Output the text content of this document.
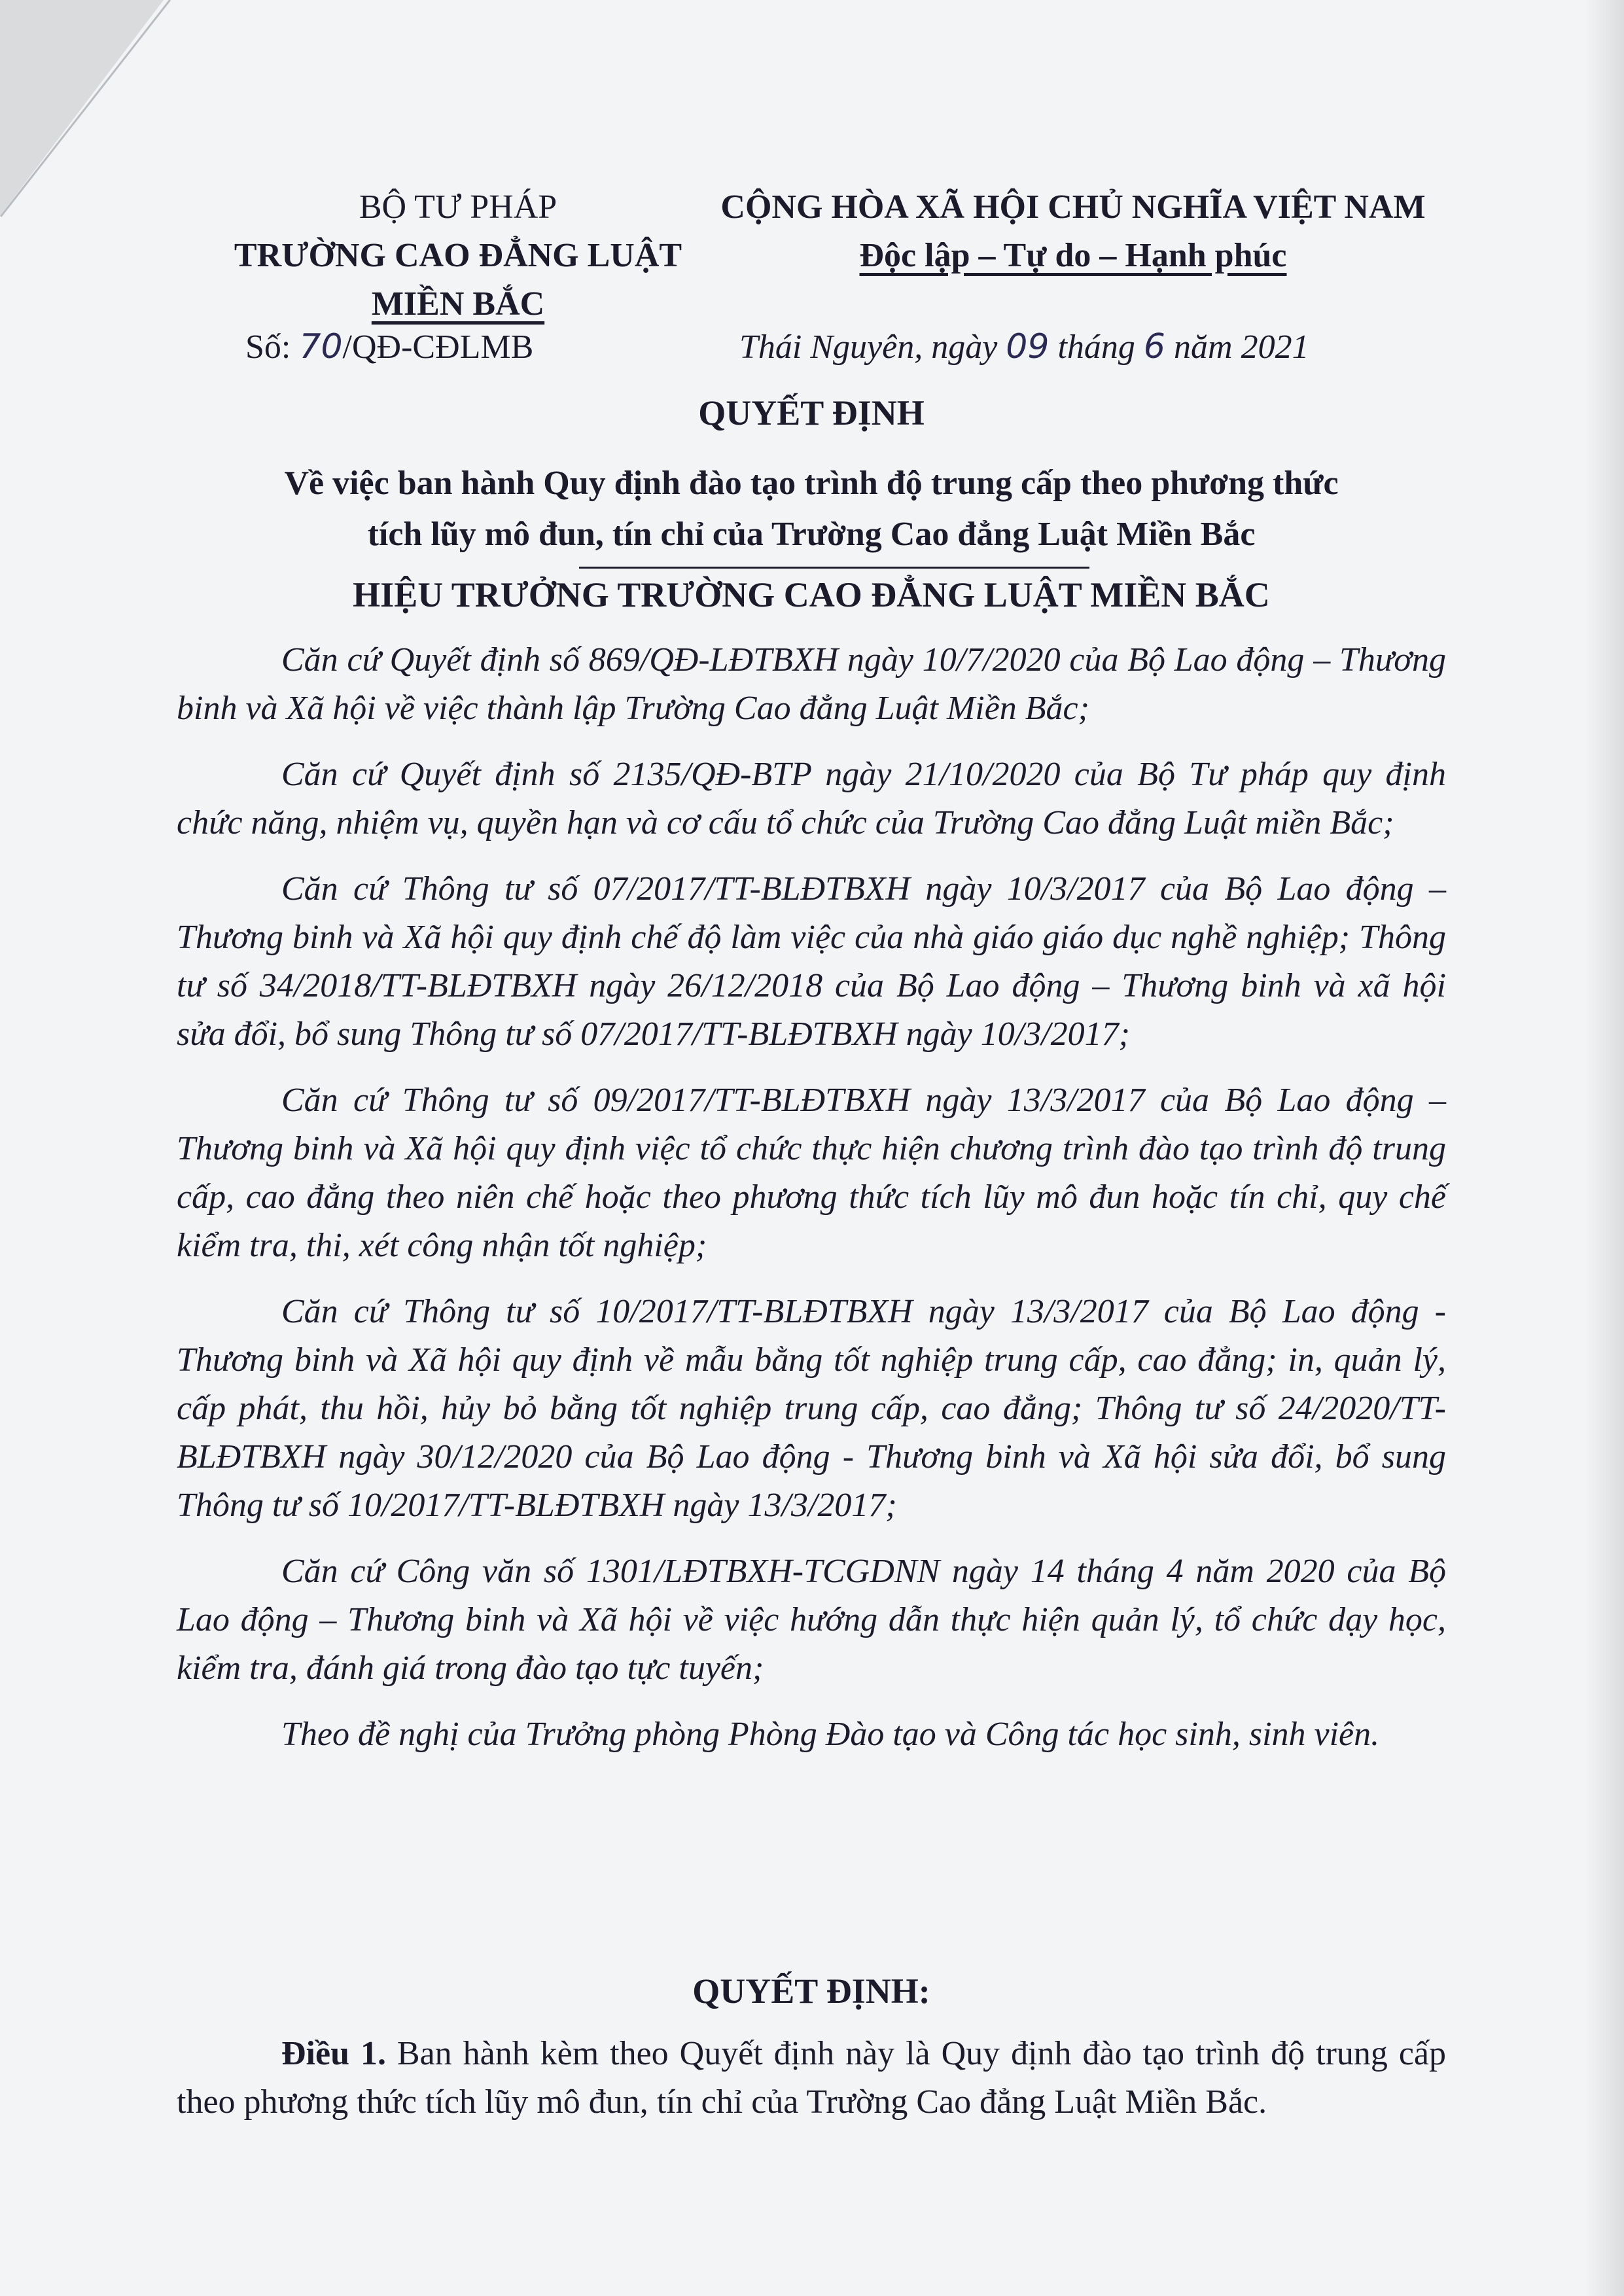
BỘ TƯ PHÁP
TRƯỜNG CAO ĐẲNG LUẬT
MIỀN BẮC
CỘNG HÒA XÃ HỘI CHỦ NGHĨA VIỆT NAM
Độc lập – Tự do – Hạnh phúc
Số: 70/QĐ-CĐLMB	Thái Nguyên, ngày 09 tháng 6 năm 2021
QUYẾT ĐỊNH
Về việc ban hành Quy định đào tạo trình độ trung cấp theo phương thức
tích lũy mô đun, tín chỉ của Trường Cao đẳng Luật Miền Bắc
HIỆU TRƯỞNG TRƯỜNG CAO ĐẲNG LUẬT MIỀN BẮC

Căn cứ Quyết định số 869/QĐ-LĐTBXH ngày 10/7/2020 của Bộ Lao động – Thương binh và Xã hội về việc thành lập Trường Cao đẳng Luật Miền Bắc;

Căn cứ Quyết định số 2135/QĐ-BTP ngày 21/10/2020 của Bộ Tư pháp quy định chức năng, nhiệm vụ, quyền hạn và cơ cấu tổ chức của Trường Cao đẳng Luật miền Bắc;

Căn cứ Thông tư số 07/2017/TT-BLĐTBXH ngày 10/3/2017 của Bộ Lao động – Thương binh và Xã hội quy định chế độ làm việc của nhà giáo giáo dục nghề nghiệp; Thông tư số 34/2018/TT-BLĐTBXH ngày 26/12/2018 của Bộ Lao động – Thương binh và xã hội sửa đổi, bổ sung Thông tư số 07/2017/TT-BLĐTBXH ngày 10/3/2017;

Căn cứ Thông tư số 09/2017/TT-BLĐTBXH ngày 13/3/2017 của Bộ Lao động – Thương binh và Xã hội quy định việc tổ chức thực hiện chương trình đào tạo trình độ trung cấp, cao đẳng theo niên chế hoặc theo phương thức tích lũy mô đun hoặc tín chỉ, quy chế kiểm tra, thi, xét công nhận tốt nghiệp;

Căn cứ Thông tư số 10/2017/TT-BLĐTBXH ngày 13/3/2017 của Bộ Lao động - Thương binh và Xã hội quy định về mẫu bằng tốt nghiệp trung cấp, cao đẳng; in, quản lý, cấp phát, thu hồi, hủy bỏ bằng tốt nghiệp trung cấp, cao đẳng; Thông tư số 24/2020/TT-BLĐTBXH ngày 30/12/2020 của Bộ Lao động - Thương binh và Xã hội sửa đổi, bổ sung Thông tư số 10/2017/TT-BLĐTBXH ngày 13/3/2017;

Căn cứ Công văn số 1301/LĐTBXH-TCGDNN ngày 14 tháng 4 năm 2020 của Bộ Lao động – Thương binh và Xã hội về việc hướng dẫn thực hiện quản lý, tổ chức dạy học, kiểm tra, đánh giá trong đào tạo tực tuyến;

Theo đề nghị của Trưởng phòng Phòng Đào tạo và Công tác học sinh, sinh viên.

QUYẾT ĐỊNH:

Điều 1. Ban hành kèm theo Quyết định này là Quy định đào tạo trình độ trung cấp theo phương thức tích lũy mô đun, tín chỉ của Trường Cao đẳng Luật Miền Bắc.
